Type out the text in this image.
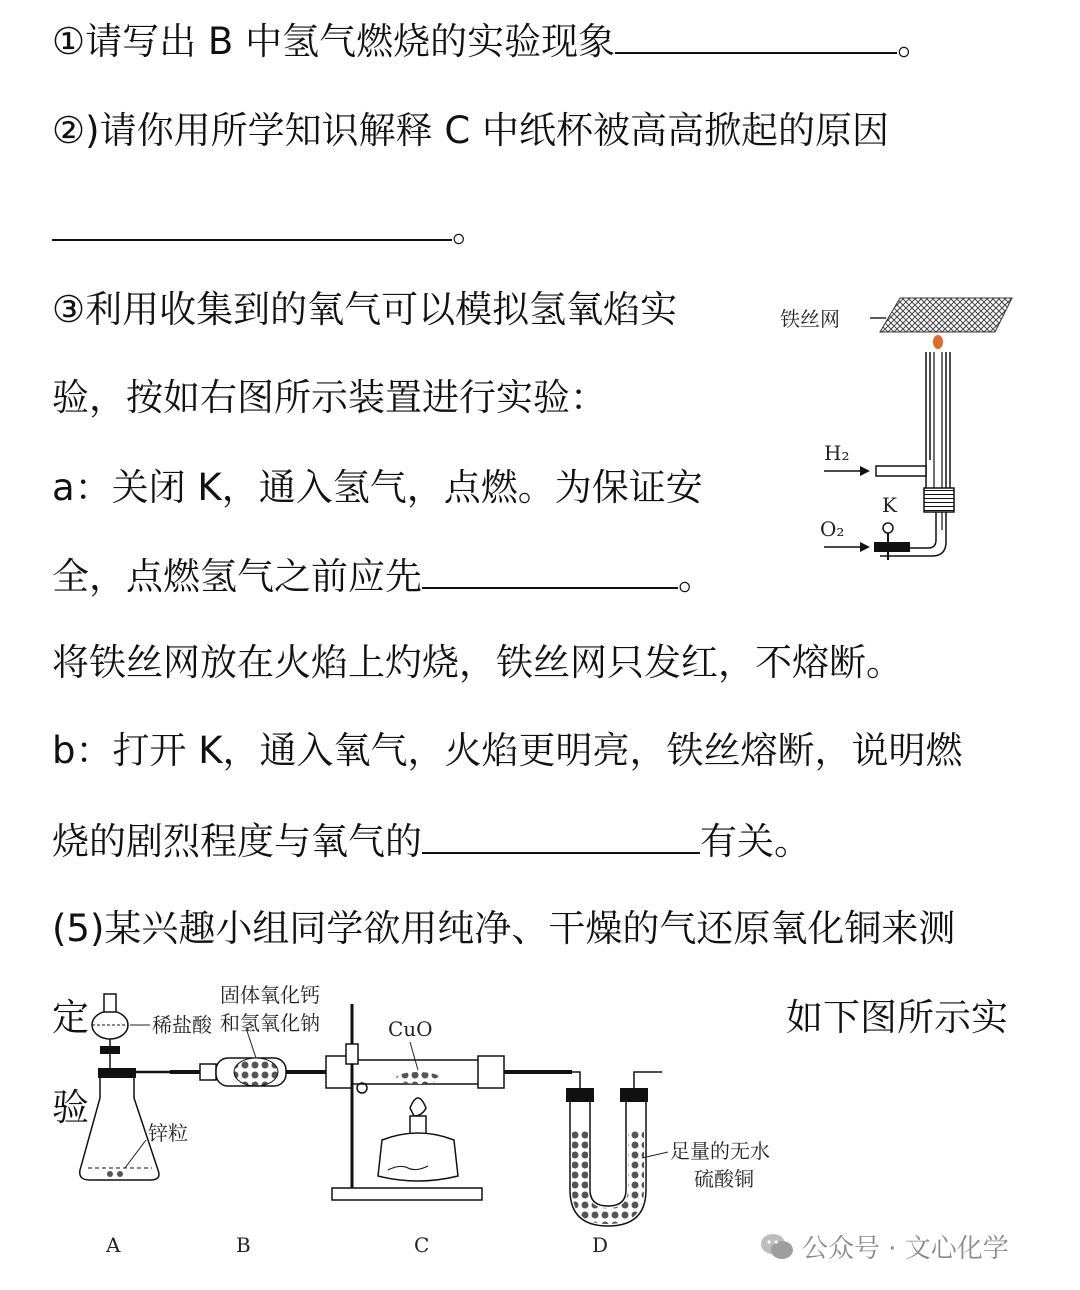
①请写出 B 中氢气燃烧的实验现象	。
②)请你用所学知识解释 C 中纸杯被高高掀起的原因
。
③利用收集到的氧气可以模拟氢氧焰实
验，按如右图所示装置进行实验：
a：关闭 K，通入氢气，点燃。为保证安
全，点燃氢气之前应先	。
将铁丝网放在火焰上灼烧，铁丝网只发红，不熔断。
b：打开 K，通入氧气，火焰更明亮，铁丝熔断，说明燃
烧的剧烈程度与氧气的	有关。
(5)某兴趣小组同学欲用纯净、干燥的气还原氧化铜来测
定	如下图所示实
验
铁丝网
H₂
O₂
K
稀盐酸
锌粒
A
固体氧化钙
和氢氧化钠
B
CuO
C
足量的无水
硫酸铜
D	公众号 · 文心化学
